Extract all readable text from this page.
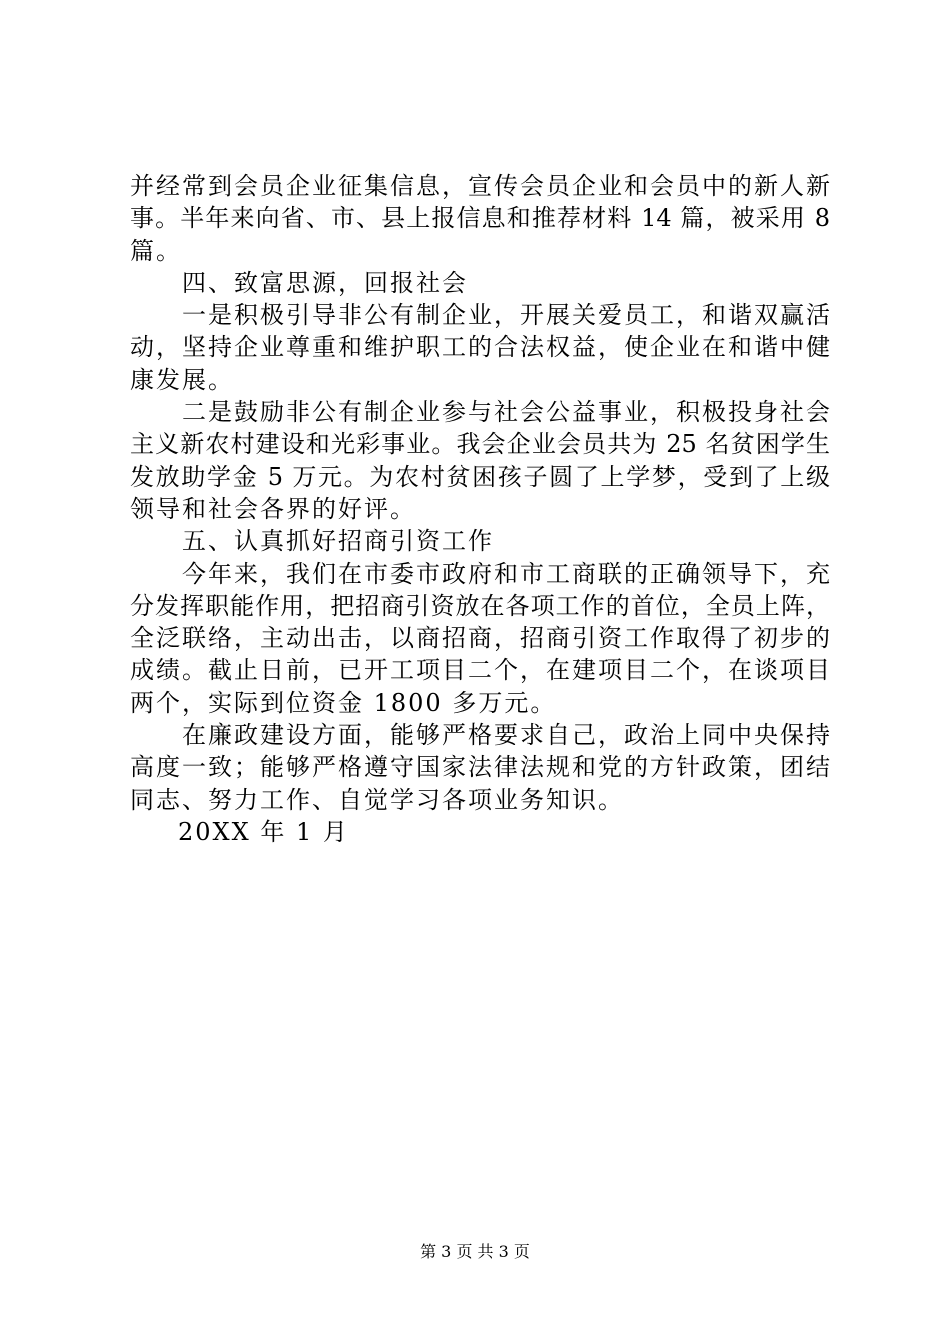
并经常到会员企业征集信息，宣传会员企业和会员中的新人新
事。半年来向省、市、县上报信息和推荐材料 14 篇，被采用 8
篇。
四、致富思源，回报社会
一是积极引导非公有制企业，开展关爱员工，和谐双赢活
动，坚持企业尊重和维护职工的合法权益，使企业在和谐中健
康发展。
二是鼓励非公有制企业参与社会公益事业，积极投身社会
主义新农村建设和光彩事业。我会企业会员共为 25 名贫困学生
发放助学金 5 万元。为农村贫困孩子圆了上学梦，受到了上级
领导和社会各界的好评。
五、认真抓好招商引资工作
今年来，我们在市委市政府和市工商联的正确领导下，充
分发挥职能作用，把招商引资放在各项工作的首位，全员上阵，
全泛联络，主动出击，以商招商，招商引资工作取得了初步的
成绩。截止日前，已开工项目二个，在建项目二个，在谈项目
两个，实际到位资金 1800 多万元。
在廉政建设方面，能够严格要求自己，政治上同中央保持
高度一致；能够严格遵守国家法律法规和党的方针政策，团结
同志、努力工作、自觉学习各项业务知识。
20XX 年 1 月
第 3 页 共 3 页
